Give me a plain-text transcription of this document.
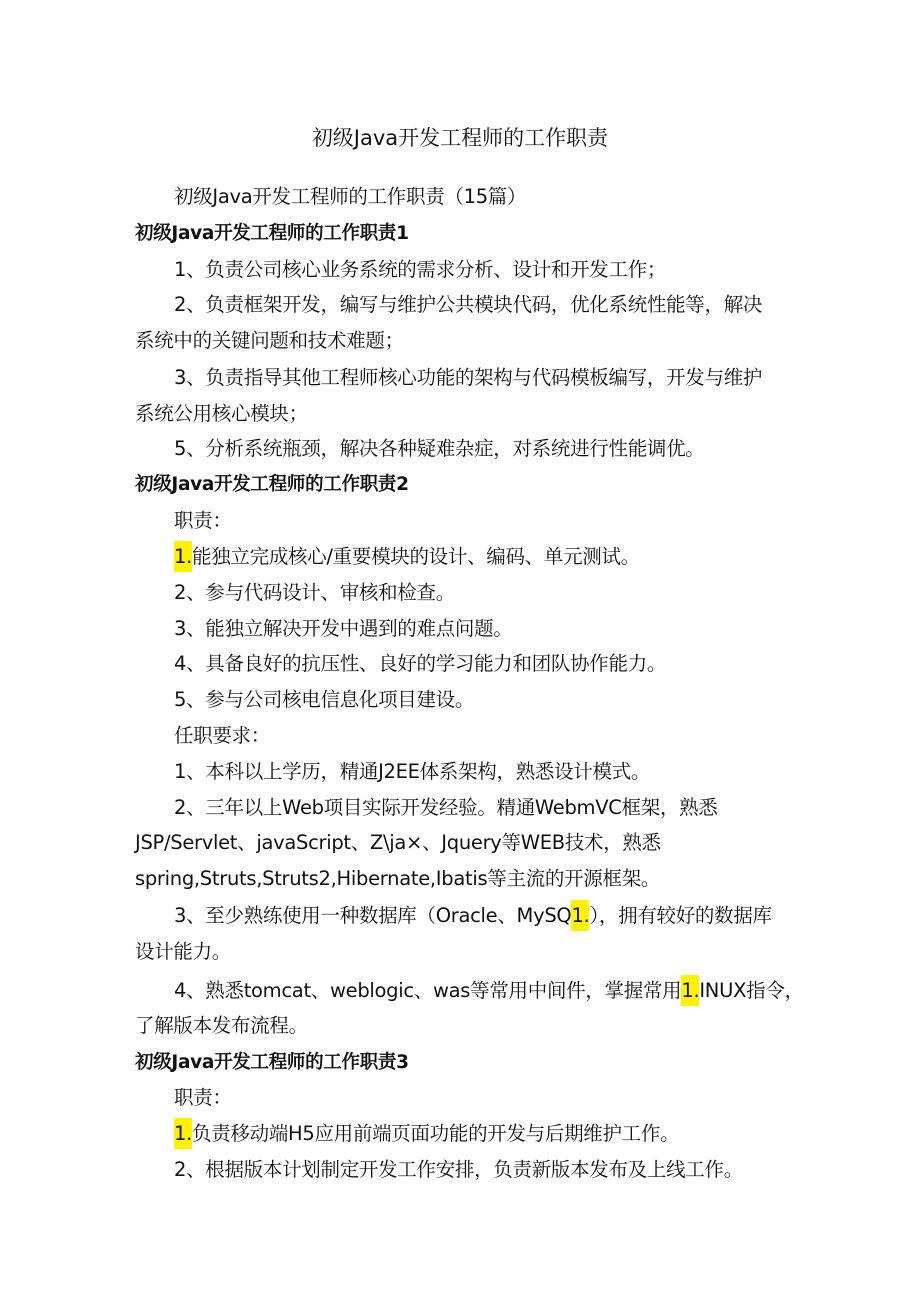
初级Java开发工程师的工作职责
初级Java开发工程师的工作职责（15篇）
初级Java开发工程师的工作职责1
1、负责公司核心业务系统的需求分析、设计和开发工作；
2、负责框架开发，编写与维护公共模块代码，优化系统性能等，解决
系统中的关键问题和技术难题；
3、负责指导其他工程师核心功能的架构与代码模板编写，开发与维护
系统公用核心模块；
5、分析系统瓶颈，解决各种疑难杂症，对系统进行性能调优。
初级Java开发工程师的工作职责2
职责：
1.能独立完成核心/重要模块的设计、编码、单元测试。
2、参与代码设计、审核和检查。
3、能独立解决开发中遇到的难点问题。
4、具备良好的抗压性、良好的学习能力和团队协作能力。
5、参与公司核电信息化项目建设。
任职要求：
1、本科以上学历，精通J2EE体系架构，熟悉设计模式。
2、三年以上Web项目实际开发经验。精通WebmVC框架，熟悉
JSP∕Servlet、javaScript、Z\ja×、Jquery等WEB技术，熟悉
spring,Struts,Struts2,Hibernate,Ibatis等主流的开源框架。
3、至少熟练使用一种数据库（Oracle、MySQ1.），拥有较好的数据库
设计能力。
4、熟悉tomcat、weblogic、was等常用中间件，掌握常用1.INUX指令，
了解版本发布流程。
初级Java开发工程师的工作职责3
职责：
1.负责移动端H5应用前端页面功能的开发与后期维护工作。
2、根据版本计划制定开发工作安排，负责新版本发布及上线工作。
